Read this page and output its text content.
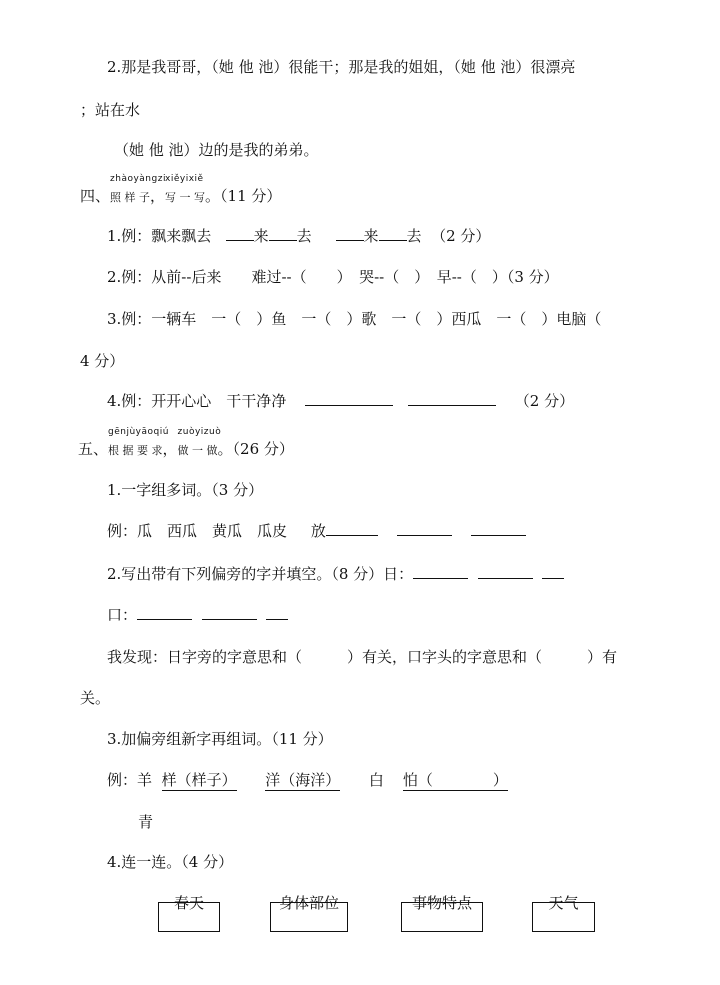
2.那是我哥哥，（她 他 池）很能干；那是我的姐姐，（她 他 池）很漂亮
；站在水
（她 他 池）边的是我的弟弟。
四、
zhàoyàngzi
照 样 子，
xiěyixiě
写 一 写。（11 分）
1.例：飘来飘去	来 去	来 去 （2 分）
2.例：从前--后来　　难过--（　　）　哭--（　）　早--（　）（3 分）
3.例：一辆车　一（　）鱼　一（　）歌　一（　）西瓜　一（　）电脑（
4 分）
4.例：开开心心　干干净净	（2 分）
五、
gēnjùyāoqiú
根 据 要 求，
zuòyizuò
做 一 做。（26 分）
1.一字组多词。（3 分）
例：瓜　西瓜　黄瓜　瓜皮 放
2.写出带有下列偏旁的字并填空。（8 分）日：
口：
我发现：日字旁的字意思和（　　　）有关，口字头的字意思和（　　　）有
关。
3.加偏旁组新字再组词。（11 分）
例：羊 样（样子） 洋（海洋） 白 怕（　　　　）
青
4.连一连。（4 分）
春天	身体部位	事物特点	天气
